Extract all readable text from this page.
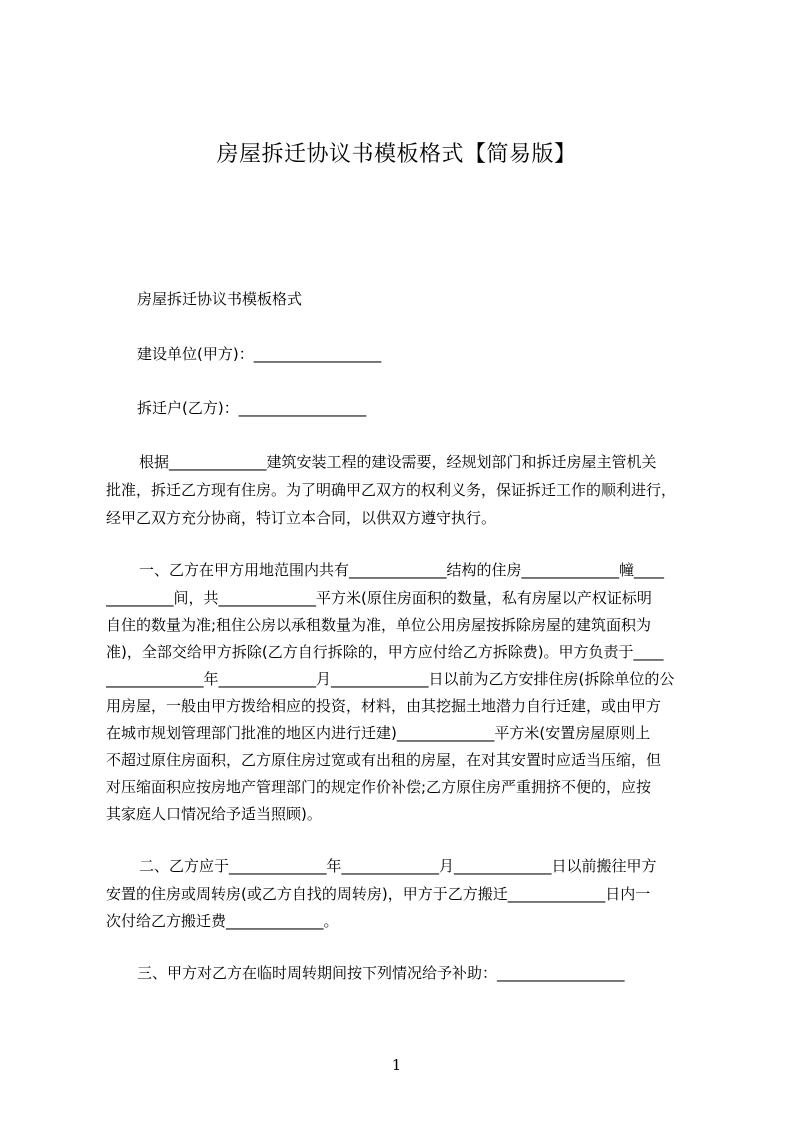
房屋拆迁协议书模板格式【简易版】
房屋拆迁协议书模板格式
建设单位(甲方)：_________________
拆迁户(乙方)：_________________
根据_____________建筑安装工程的建设需要，经规划部门和拆迁房屋主管机关
批准，拆迁乙方现有住房。为了明确甲乙双方的权利义务，保证拆迁工作的顺利进行，
经甲乙双方充分协商，特订立本合同，以供双方遵守执行。
一、乙方在甲方用地范围内共有_____________结构的住房_____________幢____
_________间，共_____________平方米(原住房面积的数量，私有房屋以产权证标明
自住的数量为准;租住公房以承租数量为准，单位公用房屋按拆除房屋的建筑面积为
准)，全部交给甲方拆除(乙方自行拆除的，甲方应付给乙方拆除费)。甲方负责于____
_____________年_____________月_____________日以前为乙方安排住房(拆除单位的公
用房屋，一般由甲方拨给相应的投资，材料，由其挖掘土地潜力自行迁建，或由甲方
在城市规划管理部门批准的地区内进行迁建)_____________平方米(安置房屋原则上
不超过原住房面积，乙方原住房过宽或有出租的房屋，在对其安置时应适当压缩，但
对压缩面积应按房地产管理部门的规定作价补偿;乙方原住房严重拥挤不便的，应按
其家庭人口情况给予适当照顾)。
二、乙方应于_____________年_____________月_____________日以前搬往甲方
安置的住房或周转房(或乙方自找的周转房)，甲方于乙方搬迁_____________日内一
次付给乙方搬迁费_____________。
三、甲方对乙方在临时周转期间按下列情况给予补助：_________________
1
